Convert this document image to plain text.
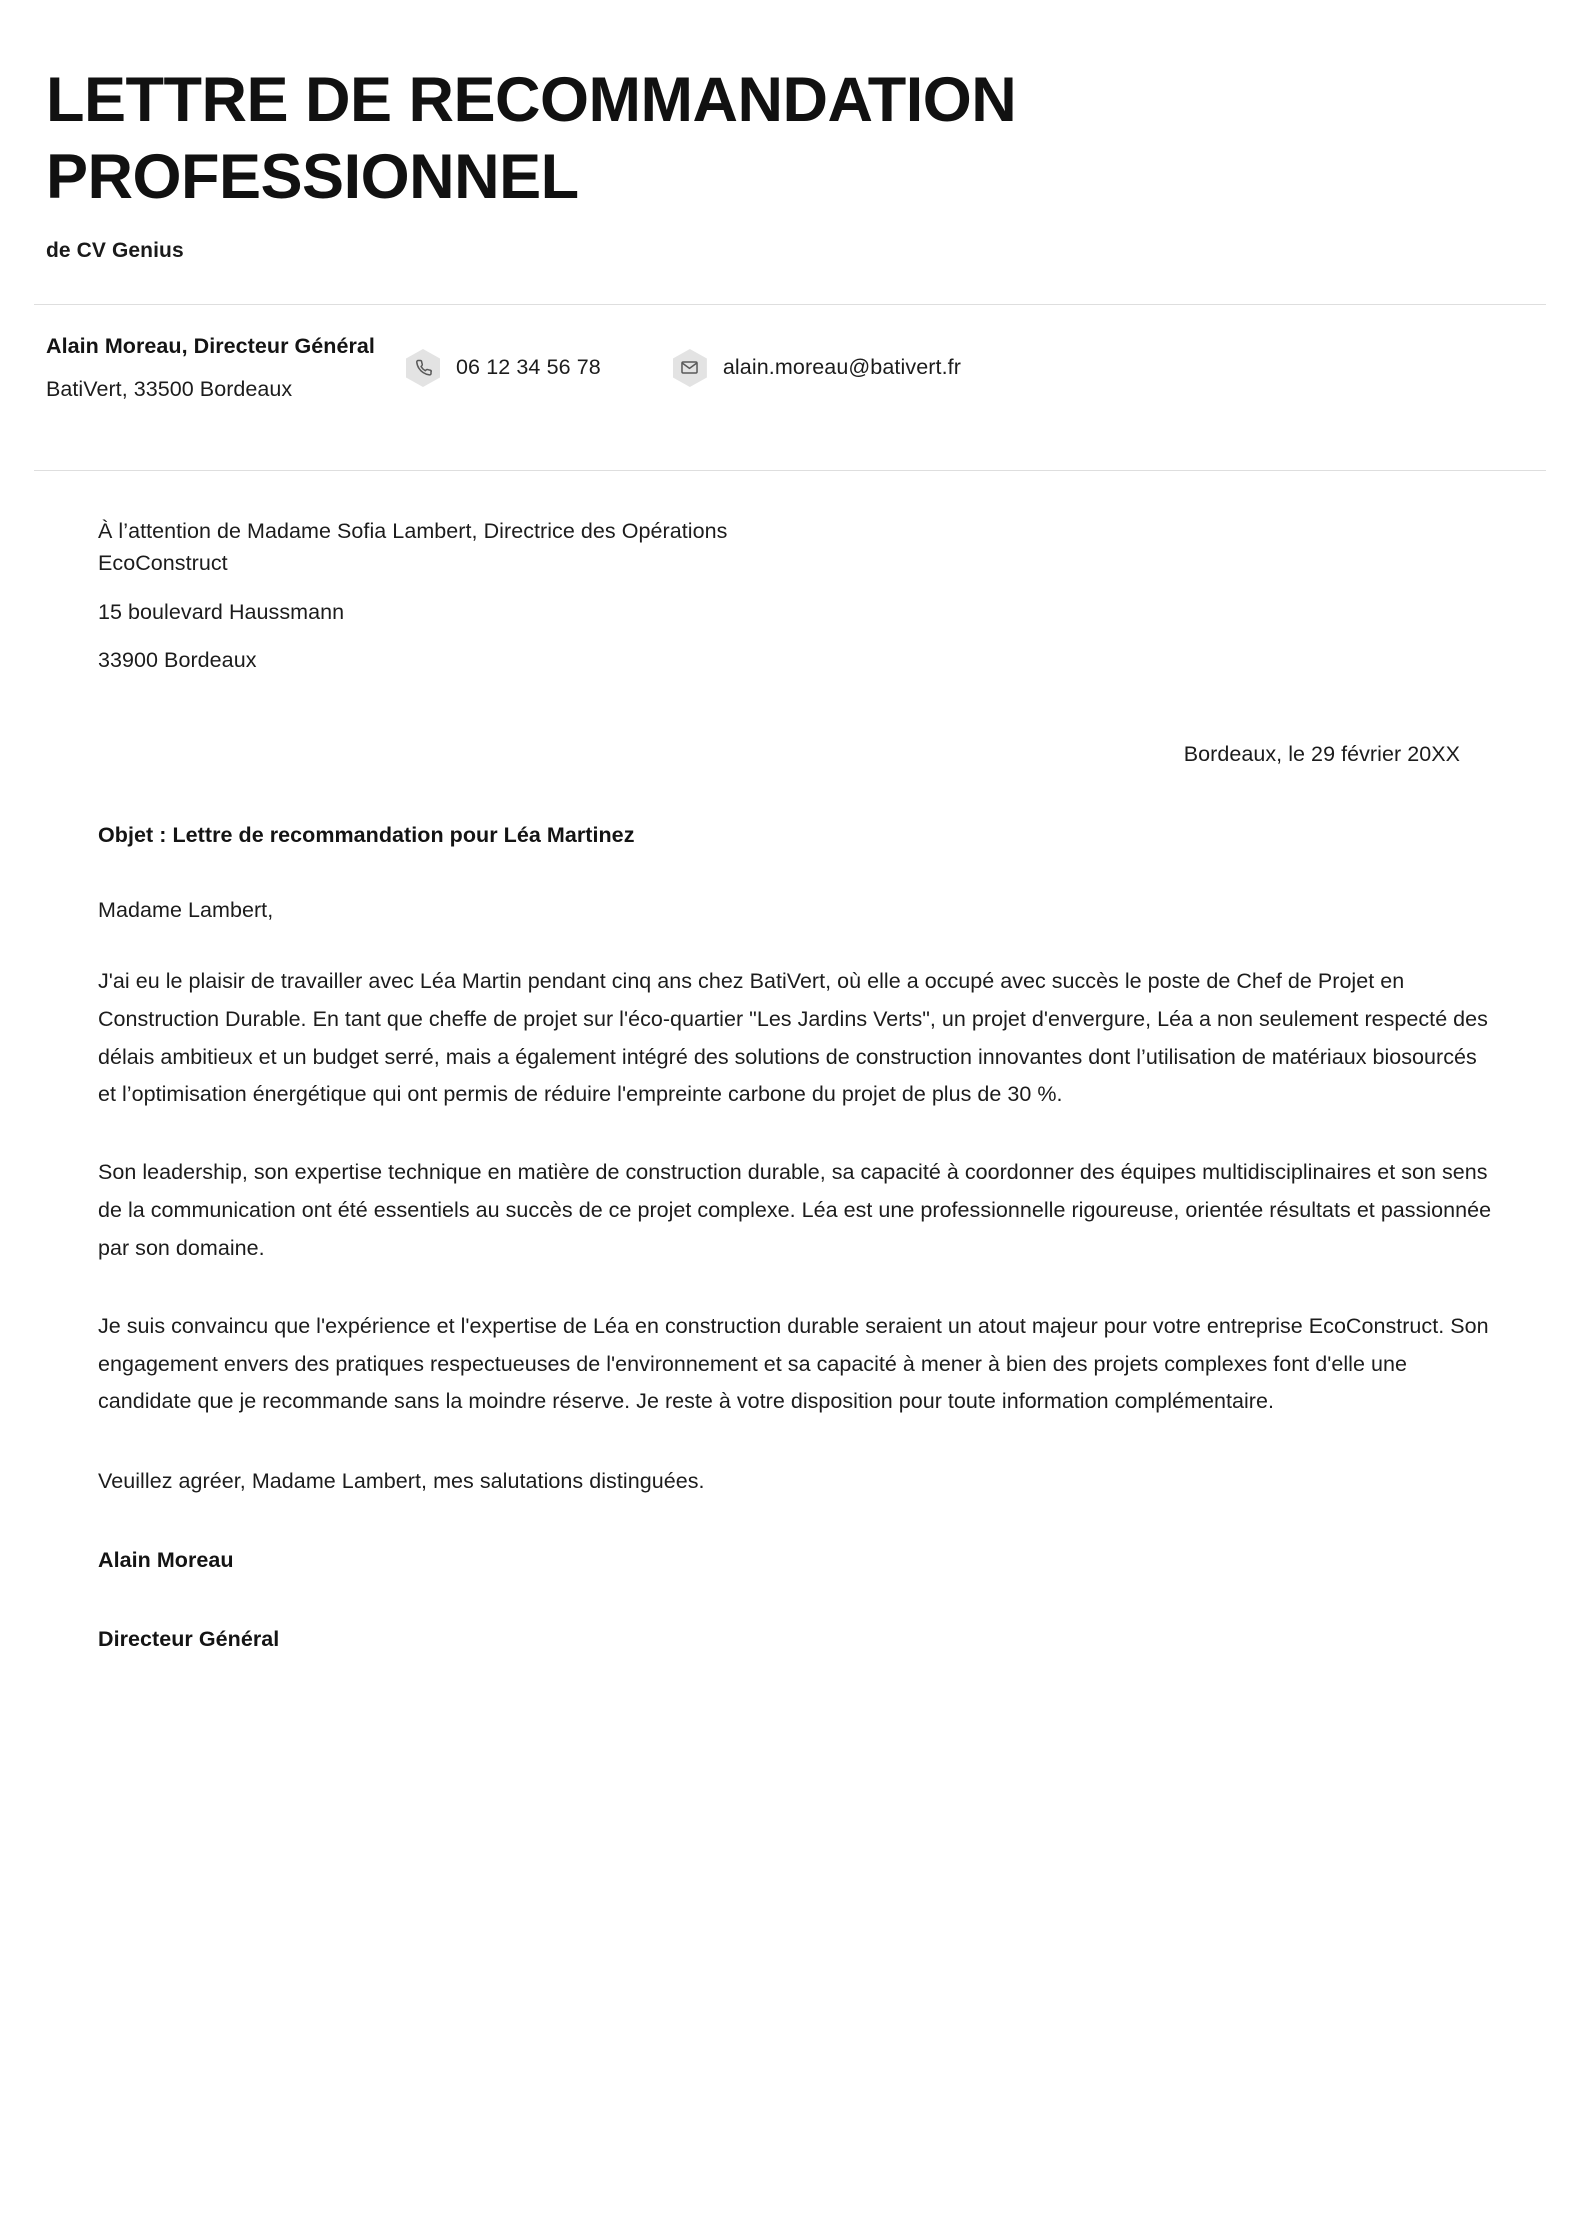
LETTRE DE RECOMMANDATION PROFESSIONNEL
de CV Genius
Alain Moreau, Directeur Général
BatiVert, 33500 Bordeaux
06 12 34 56 78	alain.moreau@bativert.fr
À l’attention de Madame Sofia Lambert, Directrice des Opérations
EcoConstruct
15 boulevard Haussmann
33900 Bordeaux
Bordeaux, le 29 février 20XX
Objet : Lettre de recommandation pour Léa Martinez
Madame Lambert,

J'ai eu le plaisir de travailler avec Léa Martin pendant cinq ans chez BatiVert, où elle a occupé avec succès le poste de Chef de Projet en Construction Durable. En tant que cheffe de projet sur l'éco-quartier "Les Jardins Verts", un projet d'envergure, Léa a non seulement respecté des délais ambitieux et un budget serré, mais a également intégré des solutions de construction innovantes dont l’utilisation de matériaux biosourcés et l’optimisation énergétique qui ont permis de réduire l'empreinte carbone du projet de plus de 30 %.

Son leadership, son expertise technique en matière de construction durable, sa capacité à coordonner des équipes multidisciplinaires et son sens de la communication ont été essentiels au succès de ce projet complexe. Léa est une professionnelle rigoureuse, orientée résultats et passionnée par son domaine.

Je suis convaincu que l'expérience et l'expertise de Léa en construction durable seraient un atout majeur pour votre entreprise EcoConstruct. Son engagement envers des pratiques respectueuses de l'environnement et sa capacité à mener à bien des projets complexes font d'elle une candidate que je recommande sans la moindre réserve. Je reste à votre disposition pour toute information complémentaire.

Veuillez agréer, Madame Lambert, mes salutations distinguées.
Alain Moreau
Directeur Général
